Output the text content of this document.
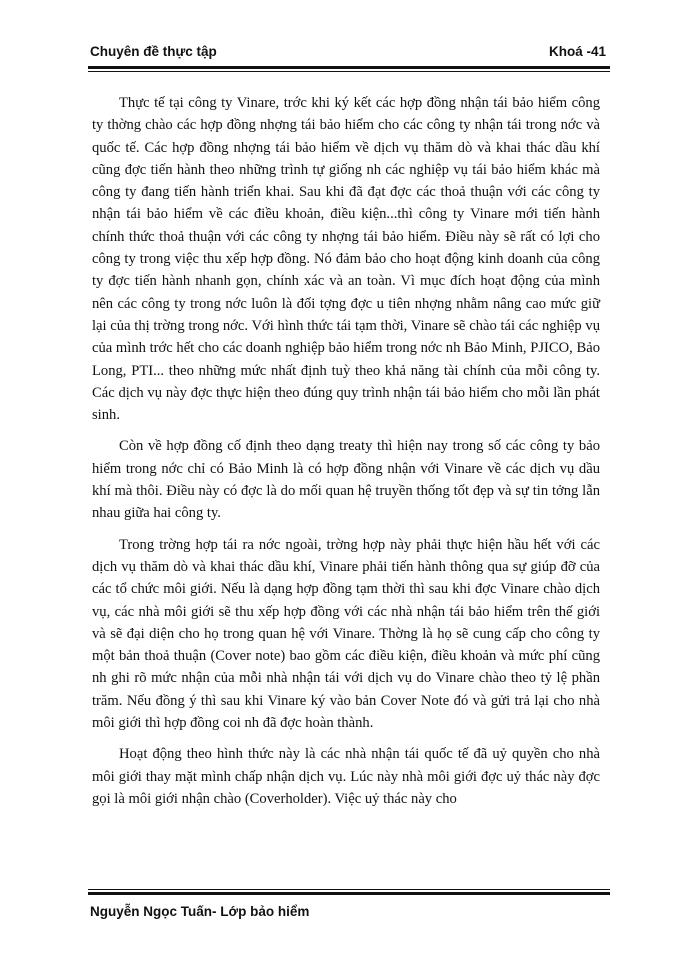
Chuyên đề thực tập	Khoá -41

Thực tế tại công ty Vinare, trớc khi ký kết các hợp đồng nhận tái bảo hiểm công ty thờng chào các hợp đồng nhợng tái bảo hiểm cho các công ty nhận tái trong nớc và quốc tế. Các hợp đồng nhợng tái bảo hiểm về dịch vụ thăm dò và khai thác dầu khí cũng đợc tiến hành theo những trình tự giống nh các nghiệp vụ tái bảo hiểm khác mà công ty đang tiến hành triển khai. Sau khi đã đạt đợc các thoả thuận với các công ty nhận tái bảo hiểm về các điều khoản, điều kiện...thì công ty Vinare mới tiến hành chính thức thoả thuận với các công ty nhợng tái bảo hiểm. Điều này sẽ rất có lợi cho công ty trong việc thu xếp hợp đồng. Nó đảm bảo cho hoạt động kinh doanh của công ty đợc tiến hành nhanh gọn, chính xác và an toàn. Vì mục đích hoạt động của mình nên các công ty trong nớc luôn là đối tợng đợc u tiên nhợng nhằm nâng cao mức giữ lại của thị trờng trong nớc. Với hình thức tái tạm thời, Vinare sẽ chào tái các nghiệp vụ của mình trớc hết cho các doanh nghiệp bảo hiểm trong nớc nh Bảo Minh, PJICO, Bảo Long, PTI... theo những mức nhất định tuỳ theo khả năng tài chính của mỗi công ty. Các dịch vụ này đợc thực hiện theo đúng quy trình nhận tái bảo hiểm cho mỗi lần phát sinh.

Còn về hợp đồng cố định theo dạng treaty thì hiện nay trong số các công ty bảo hiểm trong nớc chỉ có Bảo Minh là có hợp đồng nhận với Vinare về các dịch vụ dầu khí mà thôi. Điều này có đợc là do mối quan hệ truyền thống tốt đẹp và sự tin tởng lẫn nhau giữa hai công ty.

Trong trờng hợp tái ra nớc ngoài, trờng hợp này phải thực hiện hầu hết với các dịch vụ thăm dò và khai thác dầu khí, Vinare phải tiến hành thông qua sự giúp đỡ của các tổ chức môi giới. Nếu là dạng hợp đồng tạm thời thì sau khi đợc Vinare chào dịch vụ, các nhà môi giới sẽ thu xếp hợp đồng với các nhà nhận tái bảo hiểm trên thế giới và sẽ đại diện cho họ trong quan hệ với Vinare. Thờng là họ sẽ cung cấp cho công ty một bản thoả thuận (Cover note) bao gồm các điều kiện, điều khoản và mức phí cũng nh ghi rõ mức nhận của mỗi nhà nhận tái với dịch vụ do Vinare chào theo tỷ lệ phần trăm. Nếu đồng ý thì sau khi Vinare ký vào bản Cover Note đó và gửi trả lại cho nhà môi giới thì hợp đồng coi nh đã đợc hoàn thành.

Hoạt động theo hình thức này là các nhà nhận tái quốc tế đã uỷ quyền cho nhà môi giới thay mặt mình chấp nhận dịch vụ. Lúc này nhà môi giới đợc uỷ thác này đợc gọi là môi giới nhận chào (Coverholder). Việc uỷ thác này cho

Nguyễn Ngọc Tuấn- Lớp bảo hiểm
